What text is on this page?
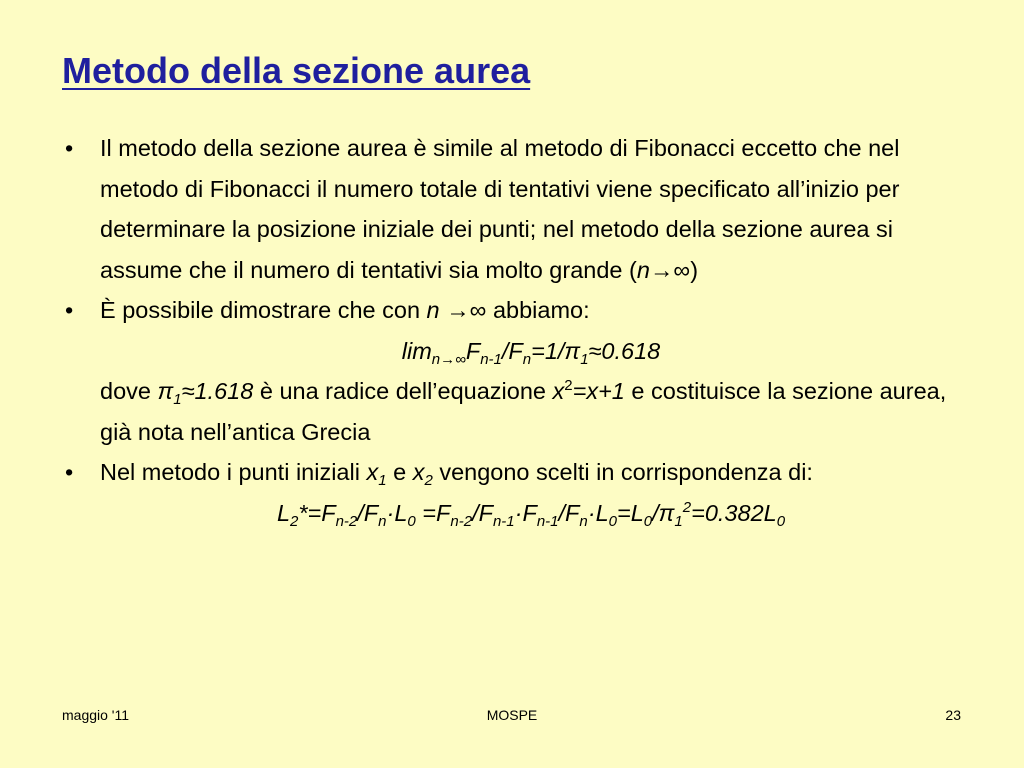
Metodo della sezione aurea
• Il metodo della sezione aurea è simile al metodo di Fibonacci eccetto che nel metodo di Fibonacci il numero totale di tentativi viene specificato all’inizio per determinare la posizione iniziale dei punti; nel metodo della sezione aurea si assume che il numero di tentativi sia molto grande (n→∞)
• È possibile dimostrare che con n →∞ abbiamo:
$\lim_{n\to\infty}F_{n-1}/F_n=1/\pi_1\approx 0.618$
dove $\pi_1\approx 1.618$ è una radice dell’equazione $x^2=x+1$ e costituisce la sezione aurea, già nota nell’antica Grecia
• Nel metodo i punti iniziali $x_1$ e $x_2$ vengono scelti in corrispondenza di:
$L_2*=F_{n-2}/F_n\cdot L_0 =F_{n-2}/F_{n-1}\cdot F_{n-1}/F_n\cdot L_0=L_0/\pi_1^2=0.382L_0$
maggio '11	MOSPE	23
